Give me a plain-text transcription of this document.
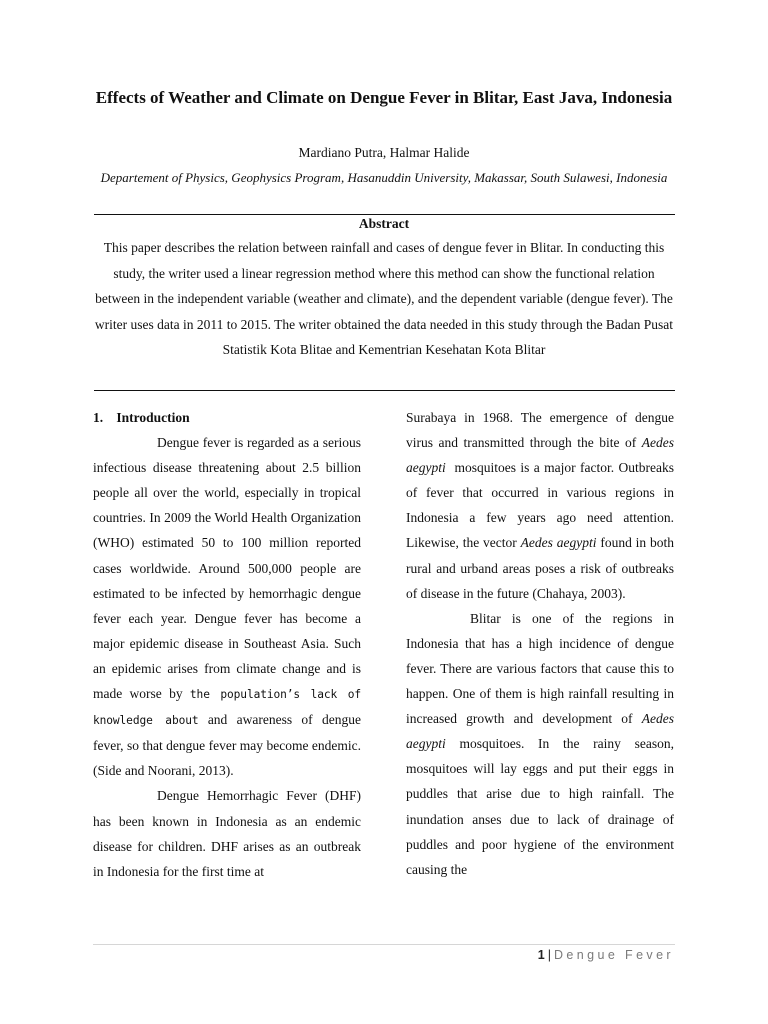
Effects of Weather and Climate on Dengue Fever in Blitar, East Java, Indonesia
Mardiano Putra, Halmar Halide
Departement of Physics, Geophysics Program, Hasanuddin University, Makassar, South Sulawesi, Indonesia
Abstract

This paper describes the relation between rainfall and cases of dengue fever in Blitar. In conducting this study, the writer used a linear regression method where this method can show the functional relation between in the independent variable (weather and climate), and the dependent variable (dengue fever). The writer uses data in 2011 to 2015. The writer obtained the data needed in this study through the Badan Pusat Statistik Kota Blitae and Kementrian Kesehatan Kota Blitar

1. Introduction

Dengue fever is regarded as a serious infectious disease threatening about 2.5 billion people all over the world, especially in tropical countries. In 2009 the World Health Organization (WHO) estimated 50 to 100 million reported cases worldwide. Around 500,000 people are estimated to be infected by hemorrhagic dengue fever each year. Dengue fever has become a major epidemic disease in Southeast Asia. Such an epidemic arises from climate change and is made worse by the population’s lack of knowledge about and awareness of dengue fever, so that dengue fever may become endemic. (Side and Noorani, 2013).

Dengue Hemorrhagic Fever (DHF) has been known in Indonesia as an endemic disease for children. DHF arises as an outbreak in Indonesia for the first time at

Surabaya in 1968. The emergence of dengue virus and transmitted through the bite of Aedes aegypti mosquitoes is a major factor. Outbreaks of fever that occurred in various regions in Indonesia a few years ago need attention. Likewise, the vector Aedes aegypti found in both rural and urband areas poses a risk of outbreaks of disease in the future (Chahaya, 2003).

Blitar is one of the regions in Indonesia that has a high incidence of dengue fever. There are various factors that cause this to happen. One of them is high rainfall resulting in increased growth and development of Aedes aegypti mosquitoes. In the rainy season, mosquitoes will lay eggs and put their eggs in puddles that arise due to high rainfall. The inundation anses due to lack of drainage of puddles and poor hygiene of the environment causing the

1 | Dengue Fever
